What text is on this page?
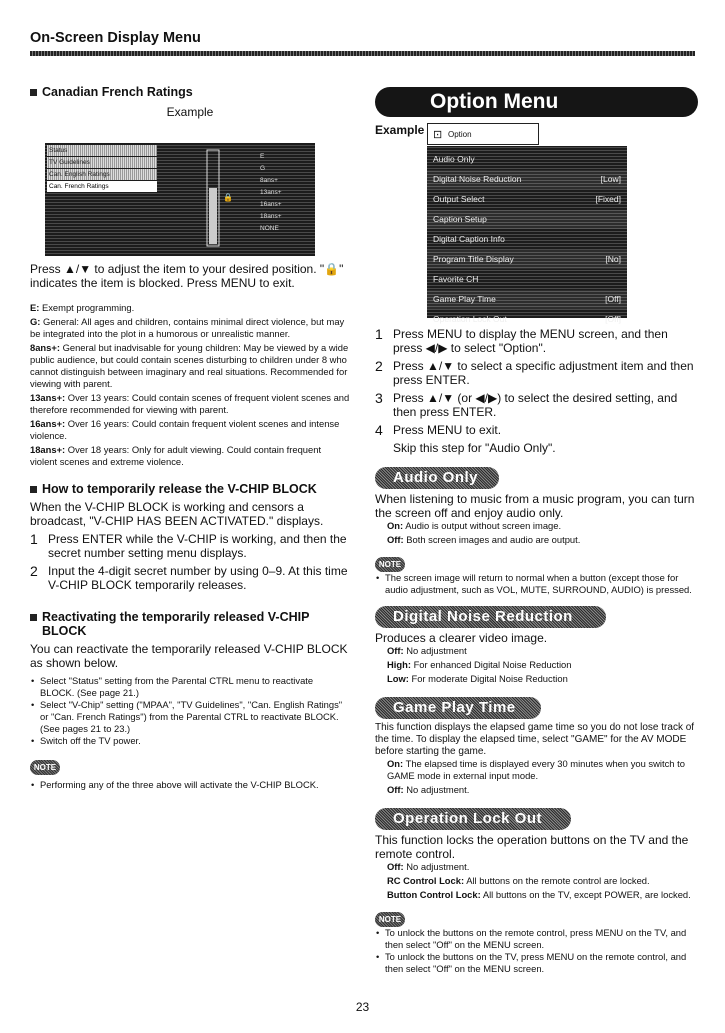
On-Screen Display Menu
Canadian French Ratings
Example
Status
TV Guidelines
Can. English Ratings
Can. French Ratings
🔒
E
G
8ans+
13ans+
16ans+
18ans+
NONE

Press ▲/▼ to adjust the item to your desired position. "🔒" indicates the item is blocked. Press MENU to exit.

E: Exempt programming.
G: General: All ages and children, contains minimal direct violence, but may be integrated into the plot in a humorous or unrealistic manner.
8ans+: General but inadvisable for young children: May be viewed by a wide public audience, but could contain scenes disturbing to children under 8 who cannot distinguish between imaginary and real situations. Recommended for viewing with parent.
13ans+: Over 13 years: Could contain scenes of frequent violent scenes and therefore recommended for viewing with parent.
16ans+: Over 16 years: Could contain frequent violent scenes and intense violence.
18ans+: Over 18 years: Only for adult viewing. Could contain frequent violent scenes and extreme violence.
How to temporarily release the V-CHIP BLOCK

When the V-CHIP BLOCK is working and censors a broadcast, "V-CHIP HAS BEEN ACTIVATED." displays.

1 Press ENTER while the V-CHIP is working, and then the secret number setting menu displays.
2 Input the 4-digit secret number by using 0–9. At this time V-CHIP BLOCK temporarily releases.
Reactivating the temporarily released V-CHIP BLOCK

You can reactivate the temporarily released V-CHIP BLOCK as shown below.

• Select "Status" setting from the Parental CTRL menu to reactivate BLOCK. (See page 21.)
• Select "V-Chip" setting ("MPAA", "TV Guidelines", "Can. English Ratings" or "Can. French Ratings") from the Parental CTRL to reactivate BLOCK. (See pages 21 to 23.)
• Switch off the TV power.
NOTE
• Performing any of the three above will activate the V-CHIP BLOCK.
Option Menu
Example ⊡ Option
Audio Only
Digital Noise Reduction	[Low]
Output Select	[Fixed]
Caption Setup
Digital Caption Info
Program Title Display	[No]
Favorite CH
Game Play Time	[Off]
Operation Lock Out	[Off]
1 Press MENU to display the MENU screen, and then press ◀/▶ to select "Option".
2 Press ▲/▼ to select a specific adjustment item and then press ENTER.
3 Press ▲/▼ (or ◀/▶) to select the desired setting, and then press ENTER.
4 Press MENU to exit.

Skip this step for "Audio Only".

Audio Only

When listening to music from a music program, you can turn the screen off and enjoy audio only.

On: Audio is output without screen image.
Off: Both screen images and audio are output.
NOTE
• The screen image will return to normal when a button (except those for audio adjustment, such as VOL, MUTE, SURROUND, AUDIO) is pressed.
Digital Noise Reduction

Produces a clearer video image.

Off: No adjustment
High: For enhanced Digital Noise Reduction
Low: For moderate Digital Noise Reduction
Game Play Time

This function displays the elapsed game time so you do not lose track of the time. To display the elapsed time, select "GAME" for the AV MODE before starting the game.

On: The elapsed time is displayed every 30 minutes when you switch to GAME mode in external input mode.
Off: No adjustment.
Operation Lock Out

This function locks the operation buttons on the TV and the remote control.

Off: No adjustment.
RC Control Lock: All buttons on the remote control are locked.
Button Control Lock: All buttons on the TV, except POWER, are locked.
NOTE
• To unlock the buttons on the remote control, press MENU on the TV, and then select "Off" on the MENU screen.
• To unlock the buttons on the TV, press MENU on the remote control, and then select "Off" on the MENU screen.
23
